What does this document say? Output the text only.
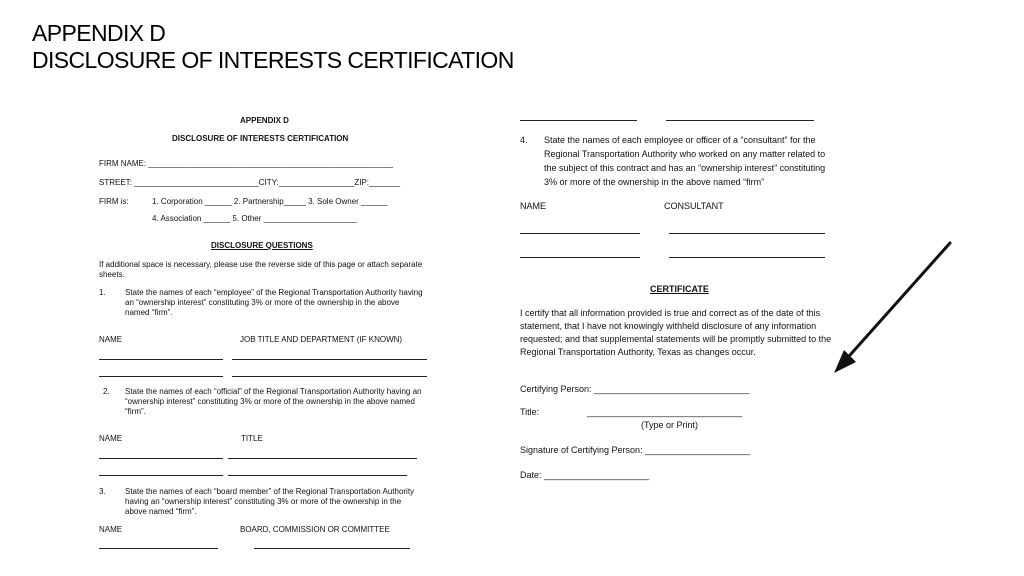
APPENDIX D
DISCLOSURE OF INTERESTS CERTIFICATION
APPENDIX D
DISCLOSURE OF INTERESTS CERTIFICATION
FIRM NAME: _______________________________________________________
STREET: ____________________________CITY:_________________ZIP:_______
FIRM is:	1. Corporation ______ 2. Partnership_____ 3. Sole Owner ______
4. Association ______ 5. Other _____________________
DISCLOSURE QUESTIONS
If additional space is necessary, please use the reverse side of this page or attach separate sheets.
1. State the names of each “employee” of the Regional Transportation Authority having an “ownership interest” constituting 3% or more of the ownership in the above named “firm”.
NAME	JOB TITLE AND DEPARTMENT (IF KNOWN)
2. State the names of each “official” of the Regional Transportation Authority having an “ownership interest” constituting 3% or more of the ownership in the above named “firm”.
NAME	TITLE
3. State the names of each “board member” of the Regional Transportation Authority having an “ownership interest” constituting 3% or more of the ownership in the above named “firm”.
NAME	BOARD, COMMISSION OR COMMITTEE
4. State the names of each employee or officer of a “consultant” for the Regional Transportation Authority who worked on any matter related to the subject of this contract and has an “ownership interest” constituting 3% or more of the ownership in the above named “firm”
NAME	CONSULTANT
CERTIFICATE
I certify that all information provided is true and correct as of the date of this statement, that I have not knowingly withheld disclosure of any information requested; and that supplemental statements will be promptly submitted to the Regional Transportation Authority, Texas as changes occur.
Certifying Person: _______________________________
Title:	_______________________________
(Type or Print)
Signature of Certifying Person: _____________________
Date: _____________________
